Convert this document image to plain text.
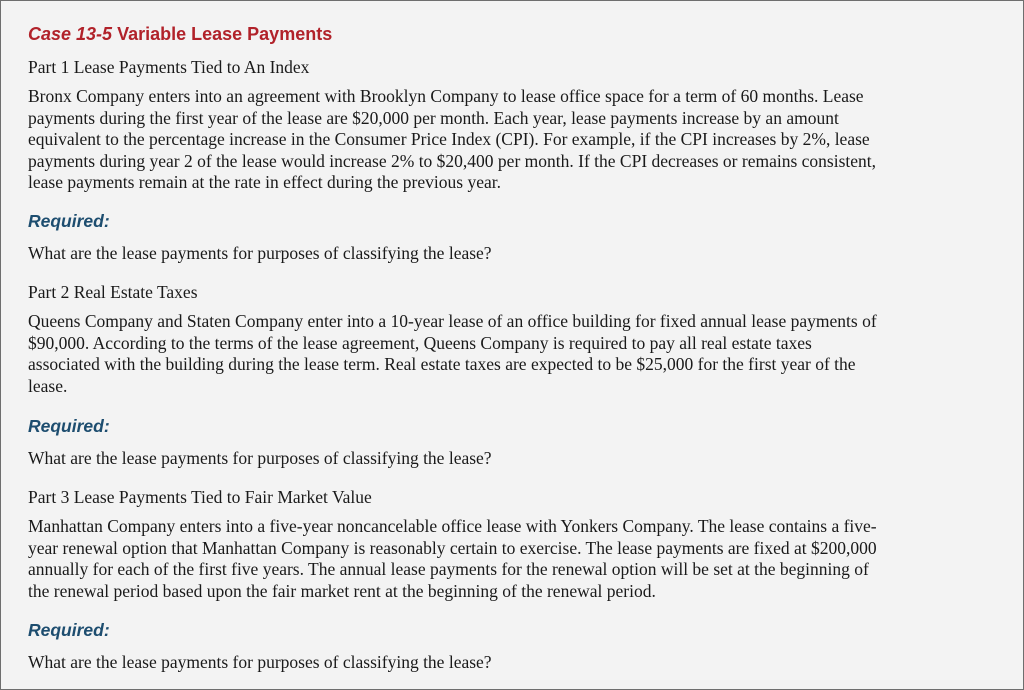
Case 13-5 Variable Lease Payments
Part 1 Lease Payments Tied to An Index
Bronx Company enters into an agreement with Brooklyn Company to lease office space for a term of 60 months. Lease
payments during the first year of the lease are $20,000 per month. Each year, lease payments increase by an amount
equivalent to the percentage increase in the Consumer Price Index (CPI). For example, if the CPI increases by 2%, lease
payments during year 2 of the lease would increase 2% to $20,400 per month. If the CPI decreases or remains consistent,
lease payments remain at the rate in effect during the previous year.
Required:
What are the lease payments for purposes of classifying the lease?
Part 2 Real Estate Taxes
Queens Company and Staten Company enter into a 10-year lease of an office building for fixed annual lease payments of
$90,000. According to the terms of the lease agreement, Queens Company is required to pay all real estate taxes
associated with the building during the lease term. Real estate taxes are expected to be $25,000 for the first year of the
lease.
Required:
What are the lease payments for purposes of classifying the lease?
Part 3 Lease Payments Tied to Fair Market Value
Manhattan Company enters into a five-year noncancelable office lease with Yonkers Company. The lease contains a five-
year renewal option that Manhattan Company is reasonably certain to exercise. The lease payments are fixed at $200,000
annually for each of the first five years. The annual lease payments for the renewal option will be set at the beginning of
the renewal period based upon the fair market rent at the beginning of the renewal period.
Required:
What are the lease payments for purposes of classifying the lease?
